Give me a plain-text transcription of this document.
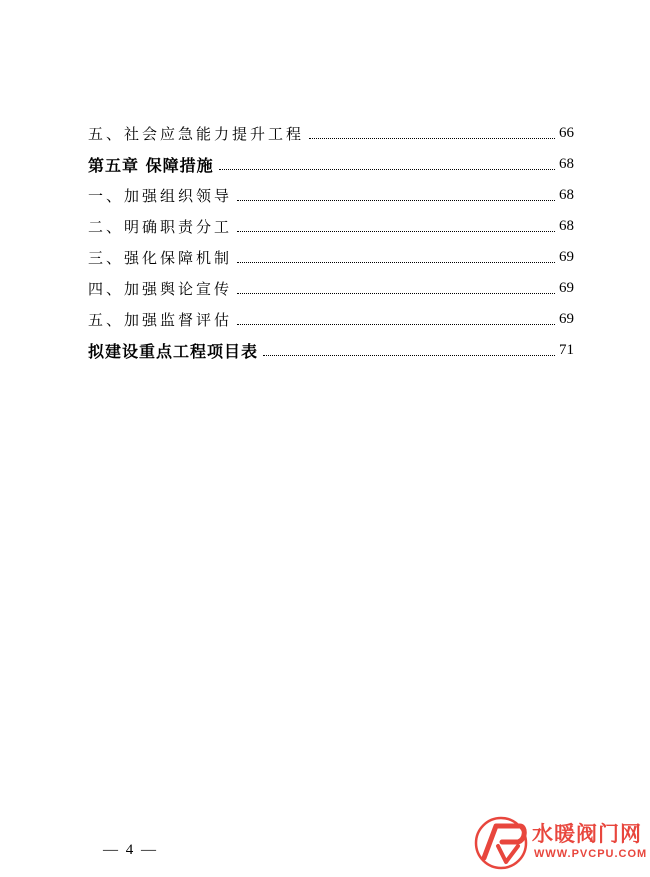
五、社会应急能力提升工程	66
第五章 保障措施	68
一、加强组织领导	68
二、明确职责分工	68
三、强化保障机制	69
四、加强舆论宣传	69
五、加强监督评估	69
拟建设重点工程项目表	71
— 4 —
水暖阀门网
WWW.PVCPU.COM
